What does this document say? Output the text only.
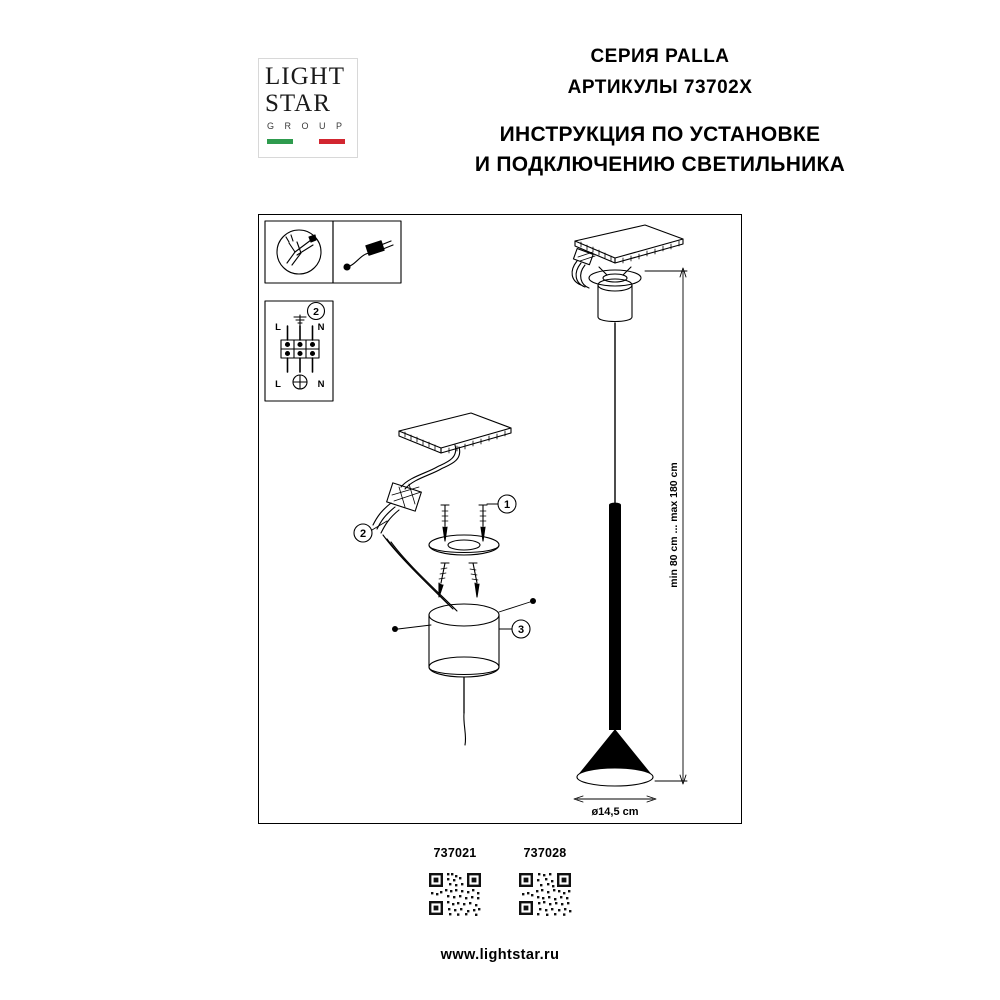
LIGHT
STAR
G R O U P
СЕРИЯ PALLA
АРТИКУЛЫ 73702X
ИНСТРУКЦИЯ ПО УСТАНОВКЕ
И ПОДКЛЮЧЕНИЮ СВЕТИЛЬНИКА
2
L	N
L	N
2
1
3
min 80 cm ... max 180 cm
ø14,5 cm
737021	737028
www.lightstar.ru
